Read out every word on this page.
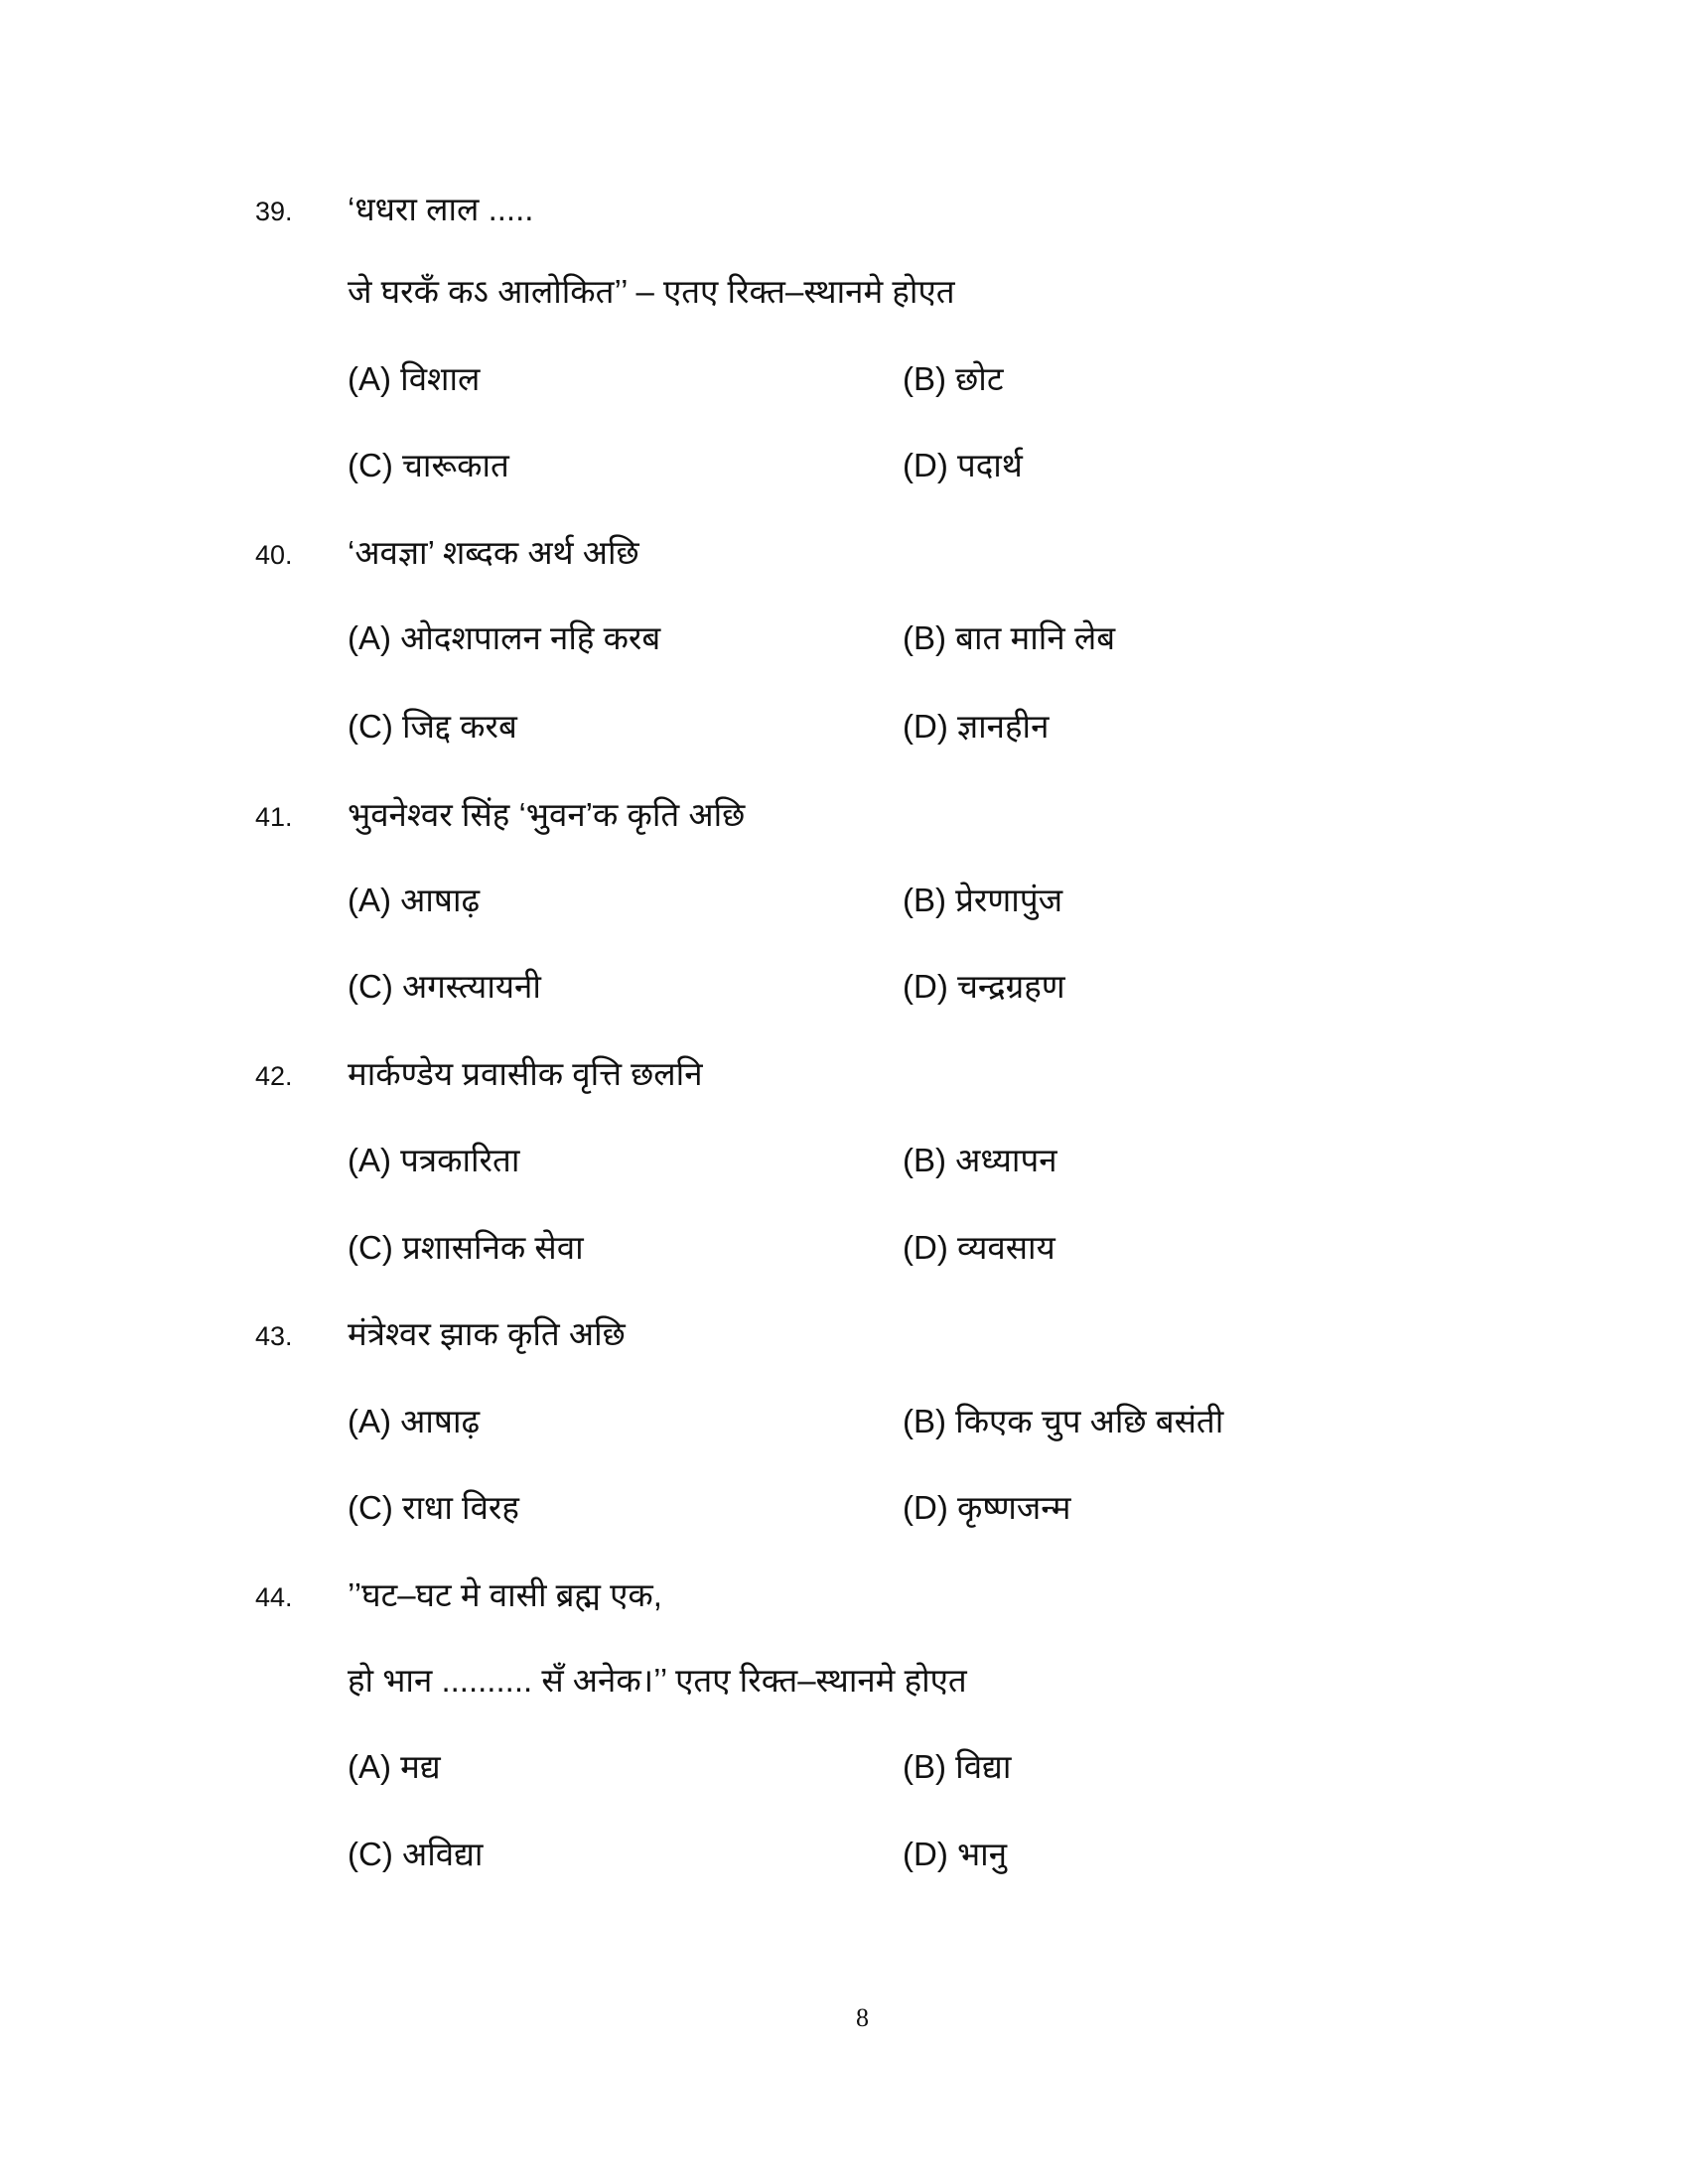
39. ‘धधरा लाल .....
जे घरकँ कऽ आलोकित’’ – एतए रिक्त–स्थानमे होएत
(A) विशाल	(B) छोट
(C) चारूकात	(D) पदार्थ
40. ‘अवज्ञा’ शब्दक अर्थ अछि
(A) ओदशपालन नहि करब	(B) बात मानि लेब
(C) जिद्द करब	(D) ज्ञानहीन
41. भुवनेश्वर सिंह ‘भुवन’क कृति अछि
(A) आषाढ़	(B) प्रेरणापुंज
(C) अगस्त्यायनी	(D) चन्द्रग्रहण
42. मार्कण्डेय प्रवासीक वृत्ति छलनि
(A) पत्रकारिता	(B) अध्यापन
(C) प्रशासनिक सेवा	(D) व्यवसाय
43. मंत्रेश्वर झाक कृति अछि
(A) आषाढ़	(B) किएक चुप अछि बसंती
(C) राधा विरह	(D) कृष्णजन्म
44. ’’घट–घट मे वासी ब्रह्म एक,
हो भान .......... सँ अनेक।’’ एतए रिक्त–स्थानमे होएत
(A) मद्य	(B) विद्या
(C) अविद्या	(D) भानु
8
